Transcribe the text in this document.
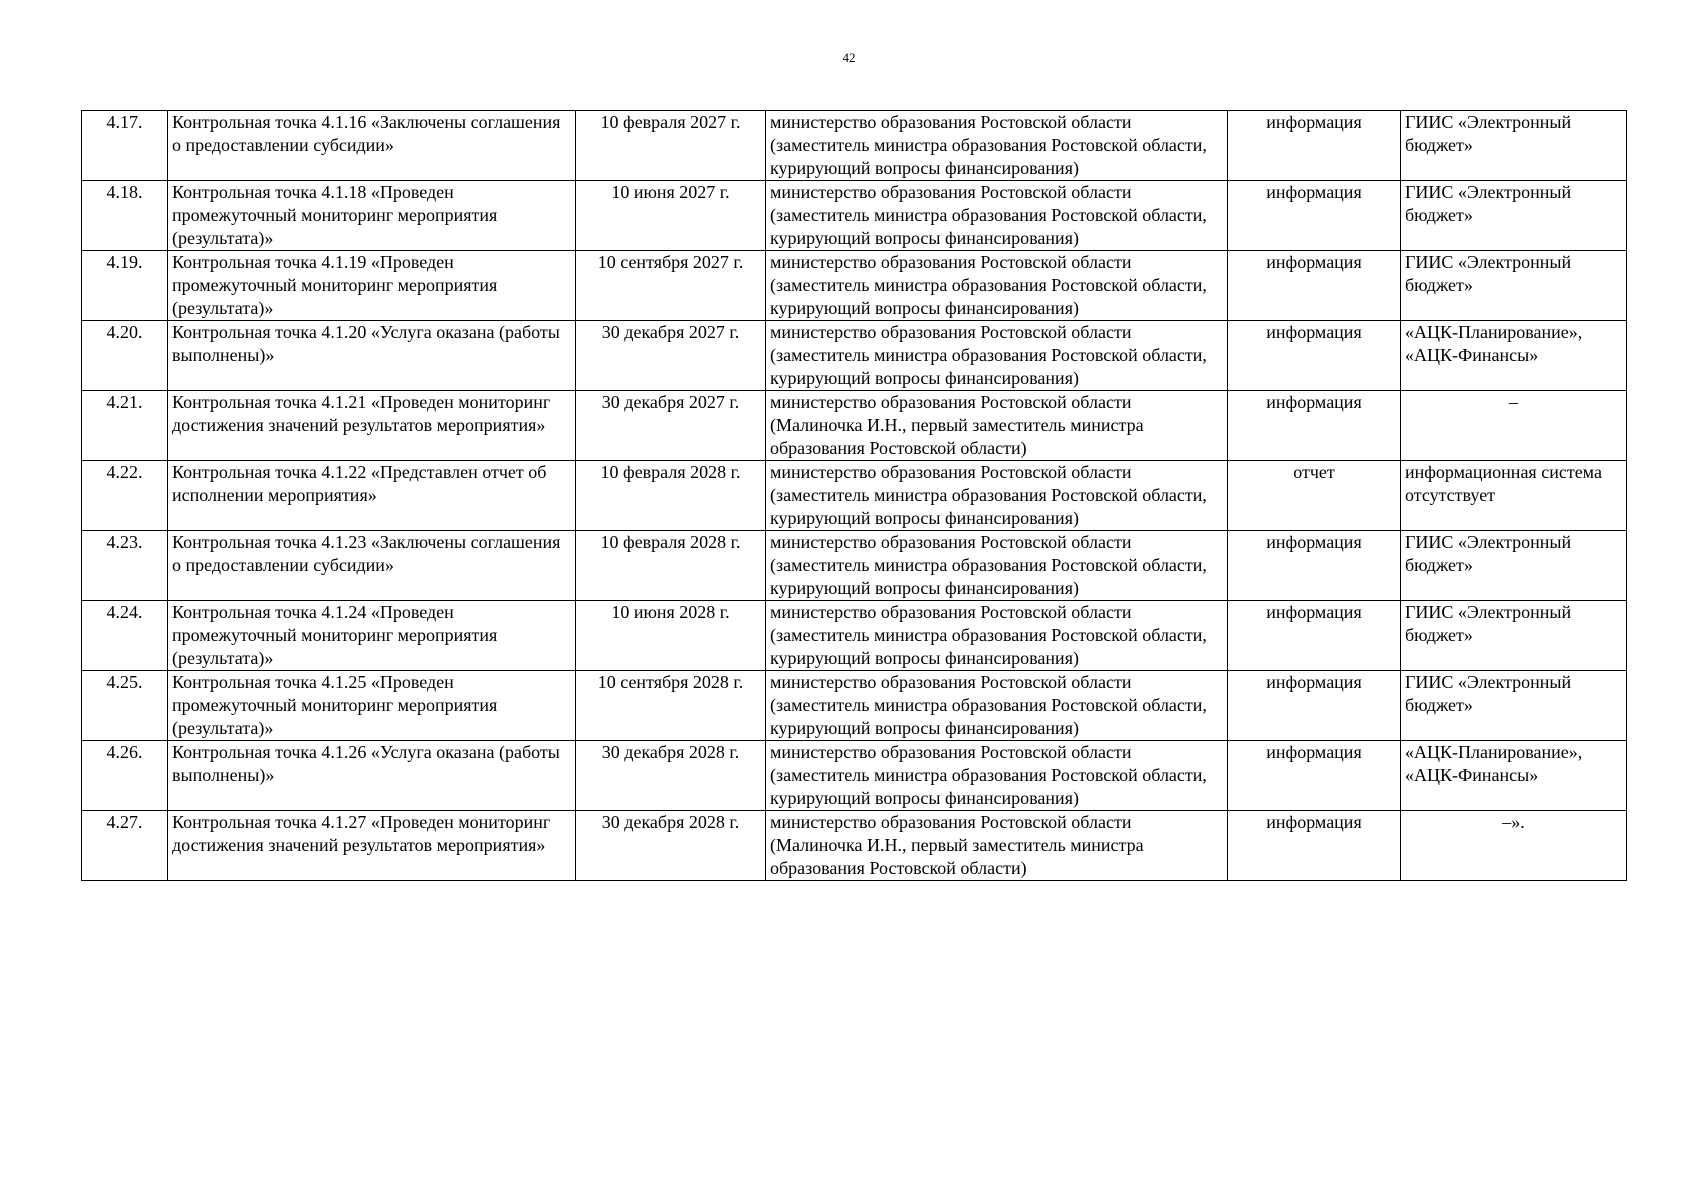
42
4.17.	Контрольная точка 4.1.16 «Заключены соглашения о предоставлении субсидии»	10 февраля 2027 г.	министерство образования Ростовской области (заместитель министра образования Ростовской области, курирующий вопросы финансирования)	информация	ГИИС «Электронный бюджет»
4.18.	Контрольная точка 4.1.18 «Проведен промежуточный мониторинг мероприятия (результата)»	10 июня 2027 г.	министерство образования Ростовской области (заместитель министра образования Ростовской области, курирующий вопросы финансирования)	информация	ГИИС «Электронный бюджет»
4.19.	Контрольная точка 4.1.19 «Проведен промежуточный мониторинг мероприятия (результата)»	10 сентября 2027 г.	министерство образования Ростовской области (заместитель министра образования Ростовской области, курирующий вопросы финансирования)	информация	ГИИС «Электронный бюджет»
4.20.	Контрольная точка 4.1.20 «Услуга оказана (работы выполнены)»	30 декабря 2027 г.	министерство образования Ростовской области (заместитель министра образования Ростовской области, курирующий вопросы финансирования)	информация	«АЦК-Планирование», «АЦК-Финансы»
4.21.	Контрольная точка 4.1.21 «Проведен мониторинг достижения значений результатов мероприятия»	30 декабря 2027 г.	министерство образования Ростовской области (Малиночка И.Н., первый заместитель министра образования Ростовской области)	информация	–
4.22.	Контрольная точка 4.1.22 «Представлен отчет об исполнении мероприятия»	10 февраля 2028 г.	министерство образования Ростовской области (заместитель министра образования Ростовской области, курирующий вопросы финансирования)	отчет	информационная система отсутствует
4.23.	Контрольная точка 4.1.23 «Заключены соглашения о предоставлении субсидии»	10 февраля 2028 г.	министерство образования Ростовской области (заместитель министра образования Ростовской области, курирующий вопросы финансирования)	информация	ГИИС «Электронный бюджет»
4.24.	Контрольная точка 4.1.24 «Проведен промежуточный мониторинг мероприятия (результата)»	10 июня 2028 г.	министерство образования Ростовской области (заместитель министра образования Ростовской области, курирующий вопросы финансирования)	информация	ГИИС «Электронный бюджет»
4.25.	Контрольная точка 4.1.25 «Проведен промежуточный мониторинг мероприятия (результата)»	10 сентября 2028 г.	министерство образования Ростовской области (заместитель министра образования Ростовской области, курирующий вопросы финансирования)	информация	ГИИС «Электронный бюджет»
4.26.	Контрольная точка 4.1.26 «Услуга оказана (работы выполнены)»	30 декабря 2028 г.	министерство образования Ростовской области (заместитель министра образования Ростовской области, курирующий вопросы финансирования)	информация	«АЦК-Планирование», «АЦК-Финансы»
4.27.	Контрольная точка 4.1.27 «Проведен мониторинг достижения значений результатов мероприятия»	30 декабря 2028 г.	министерство образования Ростовской области (Малиночка И.Н., первый заместитель министра образования Ростовской области)	информация	–».
